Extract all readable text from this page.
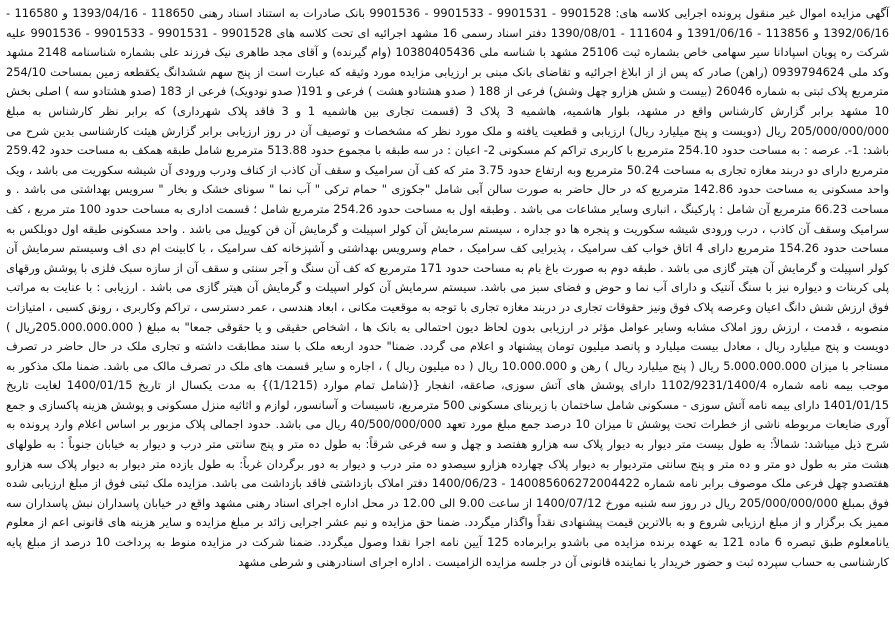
آگهی مزایده اموال غیر منقول پرونده اجرایی کلاسه های: 9901528 - 9901531 - 9901533 - 9901536 بانک صادرات به استناد اسناد رهنی 118650 - 1393/04/16 و 116580 - 1392/06/16 و 113856 - 1391/06/16 و 111604 - 1390/08/01 دفتر اسناد رسمی 16 مشهد اجرائیه ای تحت کلاسه های 9901528 - 9901531 - 9901533 - 9901536 علیه شرکت ره پویان اسپادانا سیر سهامی خاص بشماره ثبت 25106 مشهد با شناسه ملی 10380405436 (وام گیرنده) و آقای مجد طاهری نیک فرزند علی بشماره شناسنامه 2148 مشهد وکد ملی 0939794624 (راهن) صادر که پس از از ابلاغ اجرائیه و تقاضای بانک مبنی بر ارزیابی مزایده مورد وثیقه که عبارت است از پنج سهم ششدانگ یکقطعه زمین بمساحت 254/10 مترمربع پلاک ثبتی به شماره 26046 (بیست و شش هزارو چهل وشش) فرعی از 188 ( صدو هشتادو هشت ) فرعی و 191( صدو نودویک) فرعی از 183 (صدو هشتادو سه ) اصلی بخش 10 مشهد برابر گزارش کارشناس واقع در مشهد، بلوار هاشمیه، هاشمیه 3 پلاک 3 (قسمت تجاری بین هاشمیه 1 و 3 فاقد پلاک شهرداری) که برابر نظر کارشناس به مبلغ 205/000/000/000 ریال (دویست و پنج میلیارد ریال) ارزیابی و قطعیت یافته و ملک مورد نظر که مشخصات و توصیف آن در روز ارزیابی برابر گزارش هیئت کارشناسی بدین شرح می باشد: 1-. عرصه : به مساحت حدود 254.10 مترمربع با کاربری تراکم کم مسکونی 2- اعیان : در سه طبقه با مجموع حدود 513.88 مترمربع شامل طبقه همکف به مساحت حدود 259.42 مترمربع دارای دو دربند مغازه تجاری به مساحت 50.24 مترمربع وبه ارتفاع حدود 3.75 متر که کف آن سرامیک و سقف آن کاذب از کناف ودرب ورودی آن شیشه سکوریت می باشد ، ویک واحد مسکونی به مساحت حدود 142.86 مترمربع که در حال حاضر به صورت سالن آبی شامل "جکوزی " حمام ترکی " آب نما " سونای خشک و بخار " سرویس بهداشتی می باشد . و مساحت 66.23 مترمربع آن شامل : پارکینگ ، انباری وسایر مشاعات می باشد . وطبقه اول به مساحت حدود 254.26 مترمربع شامل ؛ قسمت اداری به مساحت حدود 100 متر مربع ، کف سرامیک وسقف آن کاذب ، درب ورودی شیشه سکوریت و پنجره ها دو جداره ، سیستم سرمایش آن کولر اسپیلت و گرمایش آن فن کوییل می باشد . واحد مسکونی طبقه اول دوبلکس به مساحت حدود 154.26 مترمربع دارای 4 اتاق خواب کف سرامیک ، پذیرایی کف سرامیک ، حمام وسرویس بهداشتی و آشپزخانه کف سرامیک ، با کابینت ام دی اف وسیستم سرمایش آن کولر اسپیلت و گرمایش آن هیتر گازی می باشد . طبقه دوم به صورت باغ بام به مساحت حدود 171 مترمربع که کف آن سنگ و آجر سنتی و سقف آن از سازه سبک فلزی با پوشش ورقهای پلی کربنات و دیواره نیز با سنگ آنتیک و دارای آب نما و حوض و فضای سبز می باشد. سیستم سرمایش آن کولر اسپیلت و گرمایش آن هیتر گازی می باشد . ارزیابی : با عنایت به مراتب فوق ارزش شش دانگ اعیان وعرصه پلاک فوق ونیز حقوقات تجاری در دربند مغازه تجاری با توجه به موقعیت مکانی ، ابعاد هندسی ، عمر دسترسی ، تراکم وکاربری ، رونق کسبی ، امتیازات منصوبه ، قدمت ، ارزش روز املاک مشابه وسایر عوامل مؤثر در ارزیابی بدون لحاظ دیون احتمالی به بانک ها ، اشخاص حقیقی و یا حقوقی جمعا" به مبلغ ( 205.000.000.000ریال ) دویست و پنج میلیارد ریال ، معادل بیست میلیارد و پانصد میلیون تومان پیشنهاد و اعلام می گردد. ضمنا" حدود اربعه ملک با سند مطابقت داشته و تجاری ملک در حال حاضر در تصرف مستاجر با میزان 5.000.000.000 ریال ( پنج میلیارد ریال ) رهن و 10.000.000 ریال ( ده میلیون ریال ) ، اجاره و سایر قسمت های ملک در تصرف مالک می باشد. ضمنا ملک مذکور به موجب بیمه نامه شماره 1102/9231/1400/4 دارای پوشش های آتش سوزی، صاعقه، انفجار {(شامل تمام موارد (1/1215)} به مدت یکسال از تاریخ 1400/01/15 لغایت تاریخ 1401/01/15 دارای بیمه نامه آتش سوزی - مسکونی شامل ساختمان با زیربنای مسکونی 500 مترمربع، تاسیسات و آسانسور، لوازم و اثاثیه منزل مسکونی و پوشش هزینه پاکسازی و جمع آوری ضایعات مربوطه ناشی از خطرات تحت پوشش تا میزان 10 درصد جمع مبلغ مورد تعهد 40/500/000/000 ریال می باشد. حدود اجمالی پلاک مزبور بر اساس اعلام وارد پرونده به شرح ذیل میباشد: شمالاً: به طول بیست متر دیوار به دیوار پلاک سه هزارو هفتصد و چهل و سه فرعی شرقاً: به طول ده متر و پنج سانتی متر درب و دیوار به خیابان جنوباً : به طولهای هشت متر به طول دو متر و ده متر و پنج سانتی متردیوار به دیوار پلاک چهارده هزارو سیصدو ده متر درب و دیوار به دور برگردان غرباً: به طول یازده متر دیوار به دیوار پلاک سه هزارو هفتصدو چهل فرعی ملک موصوف برابر نامه شماره 140085606272004422 - 1400/06/23 دفتر املاک بازداشتی فاقد بازداشت می باشد. مزایده ملک ثبتی فوق از مبلغ ارزیابی شده فوق بمبلغ 205/000/000/000 ریال در روز سه شنبه مورخ 1400/07/12 از ساعت 9.00 الی 12.00 در محل اداره اجرای اسناد رهنی مشهد واقع در خیابان پاسداران نبش پاسداران سه ممیز یک برگزار و از مبلغ ارزیابی شروع و به بالاترین قیمت پیشنهادی نقداً واگذار میگردد. ضمنا حق مزایده و نیم عشر اجرایی زائد بر مبلغ مزایده و سایر هزینه های قانونی اعم از معلوم یانامعلوم طبق تبصره 6 ماده 121 به عهده برنده مزایده می باشدو برابرماده 125 آیین نامه اجرا نقدا وصول میگردد. ضمنا شرکت در مزایده منوط به پرداخت 10 درصد از مبلغ پایه کارشناسی به حساب سپرده ثبت و حضور خریدار یا نماینده قانونی آن در جلسه مزایده الزامیست . اداره اجرای اسنادرهنی و شرطی مشهد
